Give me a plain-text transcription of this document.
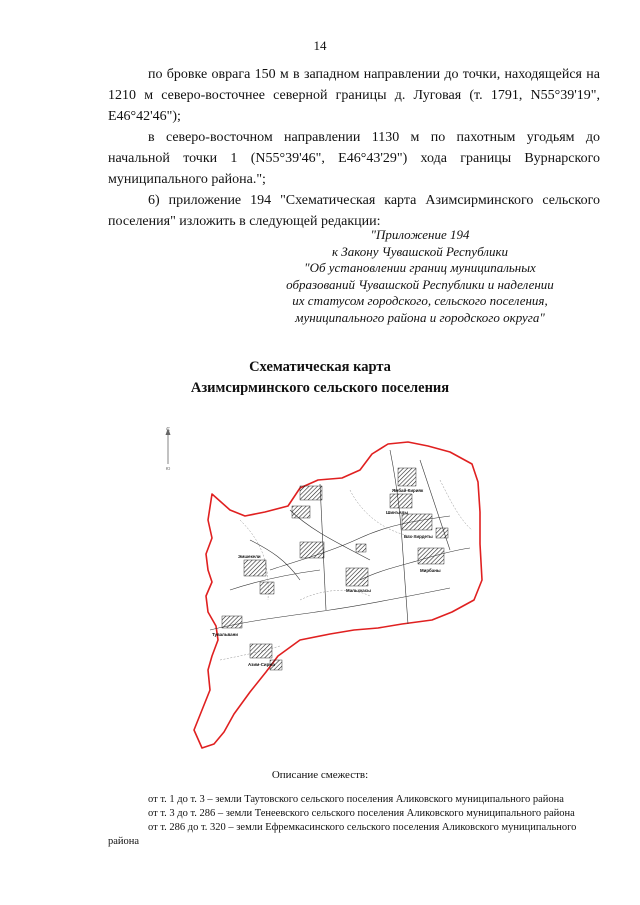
14

по бровке оврага 150 м в западном направлении до точки, находящейся на 1210 м северо-восточнее северной границы д. Луговая (т. 1791, N55°39'19", E46°42'46");

в северо-восточном направлении 1130 м по пахотным угодьям до начальной точки 1 (N55°39'46", E46°43'29") хода границы Вурнарского муниципального района.";

6) приложение 194 "Схематическая карта Азимсирминского сельского поселения" изложить в следующей редакции:

"Приложение 194
к Закону Чувашской Республики
"Об установлении границ муниципальных
образований Чувашской Республики и наделении
их статусом городского, сельского поселения,
муниципального района и городского округа"
Схематическая карта
Азимсирминского сельского поселения
С
Ю
Ямбай-Кирияк
Шинъялы
Бах-Хирдеты
Мирбаны
Мальхкасы
Эмшекели
Тувальвани
Азим-Сирма
Описание смежеств:
от т. 1 до т. 3 – земли Таутовского сельского поселения Аликовского муниципального района
от т. 3 до т. 286 – земли Тенеевского сельского поселения Аликовского муниципального района
от т. 286 до т. 320 – земли Ефремкасинского сельского поселения Аликовского муниципального
района
